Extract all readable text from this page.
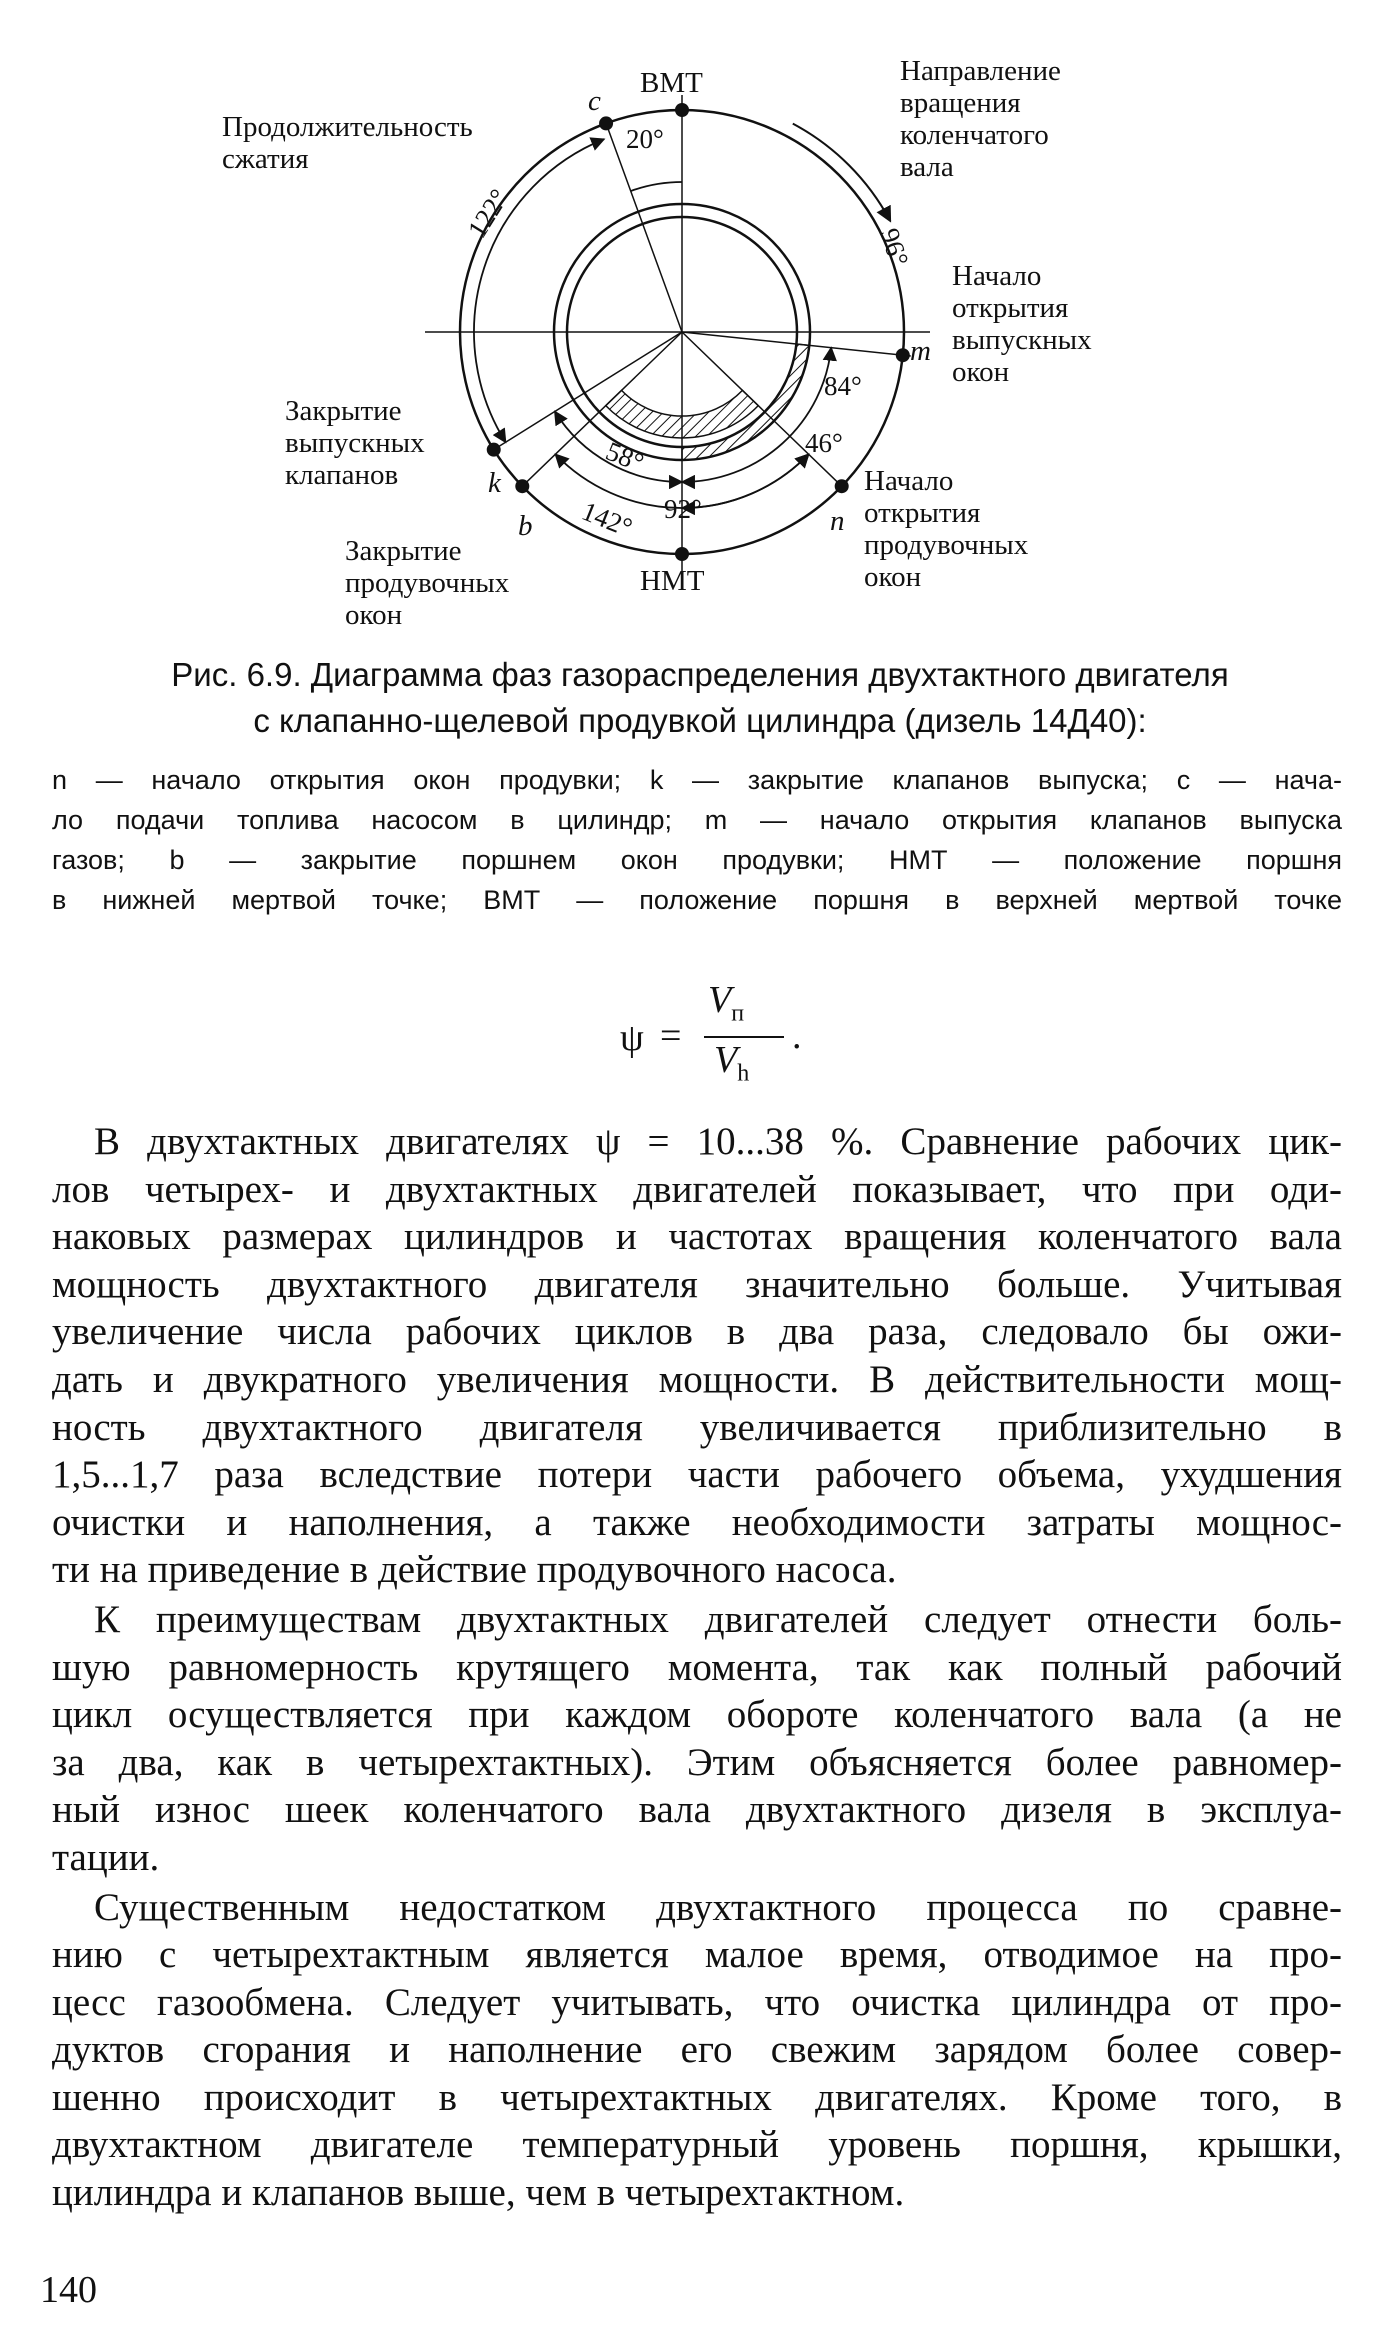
c
m
n
k
b
ВМТ
НМТ
20°
122°
96°
84°
46°
58°
142° 92°
Направление
вращения
коленчатого
вала
Продолжительность
сжатия
Начало
открытия
выпускных
окон
Закрытие
выпускных
клапанов
Закрытие
продувочных
окон
Начало
открытия
продувочных
окон
Рис. 6.9. Диаграмма фаз газораспределения двухтактного двигателя
с клапанно-щелевой продувкой цилиндра (дизель 14Д40):
n — начало открытия окон продувки; k — закрытие клапанов выпуска; c — нача-
ло подачи топлива насосом в цилиндр; m — начало открытия клапанов выпуска
газов; b — закрытие поршнем окон продувки; НМТ — положение поршня
в нижней мертвой точке; ВМТ — положение поршня в верхней мертвой точке
ψ =
$V_п$
$V_h$
.
В двухтактных двигателях ψ = 10...38 %. Сравнение рабочих цик-
лов четырех- и двухтактных двигателей показывает, что при оди-
наковых размерах цилиндров и частотах вращения коленчатого вала
мощность двухтактного двигателя значительно больше. Учитывая
увеличение числа рабочих циклов в два раза, следовало бы ожи-
дать и двукратного увеличения мощности. В действительности мощ-
ность двухтактного двигателя увеличивается приблизительно в
1,5...1,7 раза вследствие потери части рабочего объема, ухудшения
очистки и наполнения, а также необходимости затраты мощнос-
ти на приведение в действие продувочного насоса.
К преимуществам двухтактных двигателей следует отнести боль-
шую равномерность крутящего момента, так как полный рабочий
цикл осуществляется при каждом обороте коленчатого вала (а не
за два, как в четырехтактных). Этим объясняется более равномер-
ный износ шеек коленчатого вала двухтактного дизеля в эксплуа-
тации.
Существенным недостатком двухтактного процесса по сравне-
нию с четырехтактным является малое время, отводимое на про-
цесс газообмена. Следует учитывать, что очистка цилиндра от про-
дуктов сгорания и наполнение его свежим зарядом более совер-
шенно происходит в четырехтактных двигателях. Кроме того, в
двухтактном двигателе температурный уровень поршня, крышки,
цилиндра и клапанов выше, чем в четырехтактном.
140
